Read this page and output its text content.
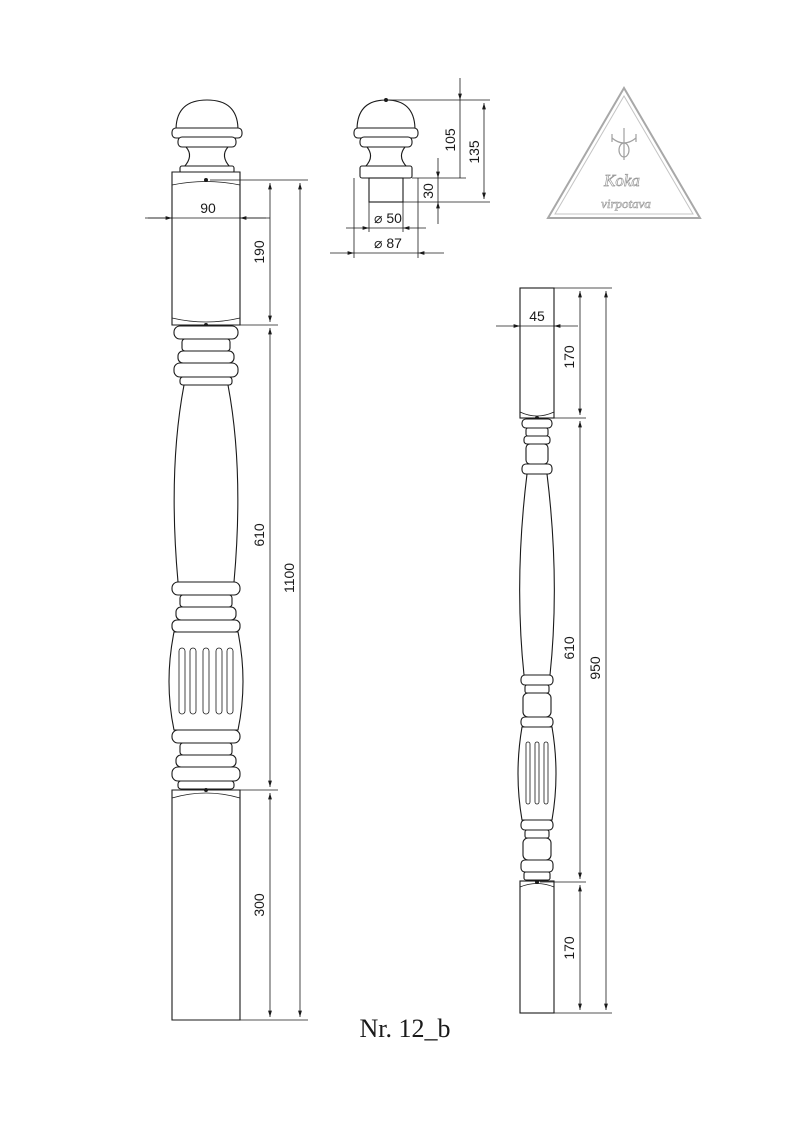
90
190
610
300
1100
105
135
30
⌀ 50
⌀ 87
Koka
virpotava
45
170
610
170
950
Nr. 12_b
